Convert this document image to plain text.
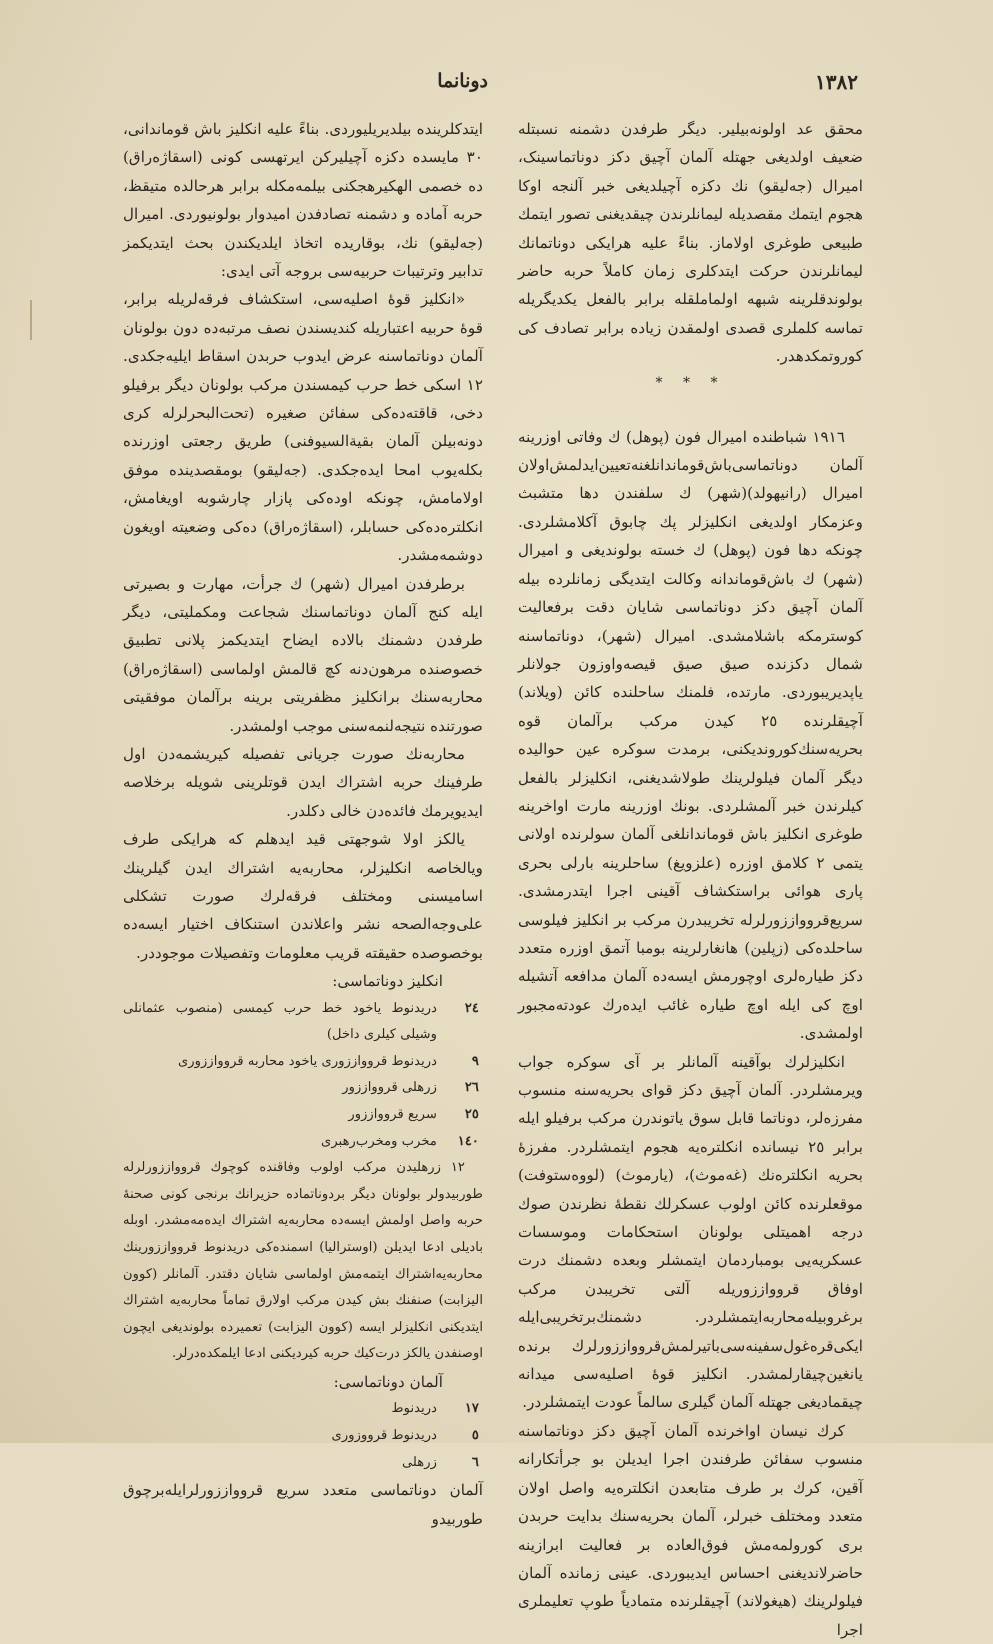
١٣٨٢
دونانما

محقق عد اولونه‌بیلیر. دیگر طرفدن دشمنه نسبتله ضعیف اولدیغی جهتله آلمان آچیق دکز دوناتماسینک، امیرال (جه‌لیقو) نك دکزه آچیلدیغی خبر آلنجه اوکا هجوم ایتمك مقصدیله لیمانلرندن چیقدیغنی تصور ایتمك طبیعی طوغری اولاماز. بناءً علیه هرایکی دوناتمانك لیمانلرندن حرکت ایتدکلری زمان کاملاً حربه حاضر بولوندقلرینه شبهه اولماملقله برابر بالفعل یکدیگریله تماسه کلملری قصدی اولمقدن زیاده برابر تصادف کی کوروتمکدهدر.

* * *

١٩١٦ شباطنده امیرال فون (پوهل) ك وفاتی اوزرینه آلمان دوناتماسی‌باش‌قوماندانلغنه‌تعیین‌ایدلمش‌اولان امیرال (رانیهولد)(شهر) ك سلفندن دها متشبث وعزمکار اولدیغی انکلیزلر پك چابوق آکلامشلردی. چونکه دها فون (پوهل) ك خسته بولوندیغی و امیرال (شهر) ك باش‌قوماندانه وکالت ایتدیگی زمانلرده بیله آلمان آچیق دکز دوناتماسی شایان دقت برفعالیت کوسترمکه باشلامشدی. امیرال (شهر)، دوناتماسنه شمال دکزنده صیق صیق قیصه‌واوزون جولانلر یاپدیریبوردی. مارتده، فلمنك ساحلنده کائن (ویلاند) آچیقلرنده ٢٥ کیدن مرکب برآلمان قوه بحریه‌سنك‌کوروندیکنی، برمدت سوکره عین حوالیده دیگر آلمان فیلولرینك طولاشدیغنی، انکلیزلر بالفعل کیلرندن خبر آلمشلردی. بونك اوزرینه مارت اواخرینه طوغری انکلیز باش قوماندانلغی آلمان سولرنده اولانی یتمی ٢ کلامق اوزره (علزویغ) ساحلرینه بارلی بحری پاری هوائی براستکشاف آقینی اجرا ایتدرمشدی. سریع‌قروواززورلرله تخریبدرن مرکب بر انکلیز فیلوسی ساحلده‌کی (زپلین) هانغارلرینه بومبا آتمق اوزره متعدد دکز طیاره‌لری اوچورمش ایسه‌ده آلمان مدافعه آتشیله اوچ کی ایله اوچ طیاره غائب ایده‌رك عودته‌مجبور اولمشدی.

انکلیزلرك بوآقینه آلمانلر بر آی سوکره جواب ویرمشلردر. آلمان آچیق دکز قوای بحریه‌سنه منسوب مفرزه‌لر، دوناتما قابل سوق یاتوندرن مرکب برفیلو ایله برابر ٢٥ نیسانده انکلتره‌یه هجوم ایتمشلردر. مفرزهٔ بحریه انکلتره‌نك (غه‌موث)، (یارموث) (لووه‌ستوفت) موقعلرنده کائن اولوب عسکرلك نقطهٔ نظرندن صوك درجه اهمیتلی بولونان استحکامات وموسسات عسکریه‌یی بومباردمان ایتمشلر وبعده دشمنك درت اوفاق قروواززوریله آلتی تخریبدن مرکب برغرو‌بیله‌محاربه‌ایتمشلردر. دشمنك‌برتخریبی‌ایله ایکی‌قره‌غول‌سفینه‌سی‌باتیرلمش‌قروواززورلرك برنده‌ یانغین‌چیقارلمشدر. انکلیز قوهٔ اصلیه‌سی میدانه چیقمادیغی جهتله آلمان گیلری سالماً عودت ایتمشلردر.

کرك نیسان اواخرنده آلمان آچیق دکز دوناتماسنه منسوب سفائن طرفندن اجرا ایدیلن بو جرأتکارانه آقین، کرك بر طرف متابعدن انکلتره‌یه واصل اولان متعدد ومختلف خبرلر، آلمان بحریه‌سنك بدایت حربدن بری کورولمه‌مش فوق‌العاده بر فعالیت ابرازینه حاضرلاندیغنی احساس ایدیبوردی. عینی زمانده آلمان فیلولرینك (هیغولاند) آچیقلرنده متمادیاً طوپ تعلیملری اجرا

ایتدکلرینده بیلدیریلیوردی. بناءً علیه انکلیز باش قوماندانی، ٣٠ مایسده دکزه آچیلیرکن ایرتهسی کونی (اسقاژه‌راق) ده خصمی الهکیرهجکنی بیلمه‌مکله برابر هرحالده متیقظ، حربه آماده و دشمنه تصادفدن امیدوار بولونیوردی. امیرال (جه‌لیقو) نك، بوقاریده اتخاذ ایلدیکندن بحث ایتدیکمز تدابیر وترتیبات حربیه‌سی بروجه آتی ایدی:

«انکلیز قوهٔ اصلیه‌سی، استکشاف فرقه‌لریله برابر، قوهٔ حربیه اعتباریله کندیسندن نصف مرتبه‌ده دون بولونان آلمان دوناتماسنه عرض ایدوب حربدن اسقاط ایلیه‌جکدی. ١٢ اسکی خط حرب کیمسندن مرکب بولونان دیگر برفیلو دخی، قاقته‌ده‌کی سفائن صغیره (تحت‌البحرلرله کری دونه‌بیلن آلمان بقیة‌السیوفنی) طریق رجعتی اوزرنده بکله‌یوب امحا ایده‌جکدی. (جه‌لیقو) بومقصدینده موفق اولامامش، چونکه اوده‌کی پازار چارشوبه اویغامش، انکلتره‌ده‌کی حسابلر، (اسقاژه‌راق) ده‌کی وضعیته اویغون دوشمه‌مشدر.

برطرفدن امیرال (شهر) ك جرأت، مهارت و بصیرتی ایله کنج آلمان دوناتماسنك شجاعت ومکملیتی، دیگر طرفدن دشمنك بالاده ایضاح ایتدیکمز پلانی تطبیق خصوصنده مرهون‌دنه کچ قالمش اولماسی (اسقاژه‌راق) محاربه‌سنك برانکلیز مظفریتی برینه برآلمان موفقیتی صورتنده نتیجه‌لنمه‌سنی موجب اولمشدر.

محاربه‌نك صورت جریانی تفصیله کیریشمه‌دن اول طرفینك حربه اشتراك ایدن قوتلرینی شویله برخلاصه ایدیویرمك فائده‌دن خالی دکلدر.

یالکز اولا شوجهتی قید ایدهلم که هرایکی طرف ویالخاصه انکلیزلر، محاربه‌یه اشتراك ایدن گیلرینك اسامیسنی ومختلف فرقه‌لرك صورت تشکلی علی‌وجه‌الصحه نشر واعلاندن استنکاف اختیار ایسه‌ده بوخصوصده حقیقته قریب معلومات وتفصیلات موجوددر.

انکلیز دوناتماسی:

٢٤
دریدنوط یاخود خط حرب کیمسی (منصوب عثمانلی وشیلی کیلری داخل)
٩
دریدنوط قروواززوری یاخود محاربه قروواززوری
٢٦
زرهلی قروواززور
٢٥
سریع قروواززور
١٤٠
مخرب ومخرب‌رهبری

١٢ زرهلیدن مرکب اولوب وفاقنده کوچوك قروواززورلرله طوربیدولر بولونان دیگر بردوناتماده حزیرانك برنجی کونی صحنهٔ حربه واصل اولمش ایسه‌ده محاربه‌یه اشتراك ایده‌مه‌مشدر. اوبله بادیلی ادعا ایدیلن (اوستراليا) اسمنده‌کی دریدنوط قروواززورینك محاربه‌یه‌اشتراك ایتمه‌مش اولماسی شایان دقتدر. آلمانلر (کوون الیزابت) صنفنك بش کیدن مرکب اولارق تماماً محاربه‌یه اشتراك ایتدیکنی انکلیزلر ایسه (کوون الیزابت) تعمیرده بولوندیغی ایچون اوصنفدن یالکز درت‌کیك حربه کیردیکنی ادعا ایلمکده‌درلر.

آلمان دوناتماسی:

١٧
دریدنوط
٥
دریدنوط قرووزوری
٦
زرهلی

آلمان دوناتماسی متعدد سریع قروواززورلرایله‌برچوق طوربیدو
